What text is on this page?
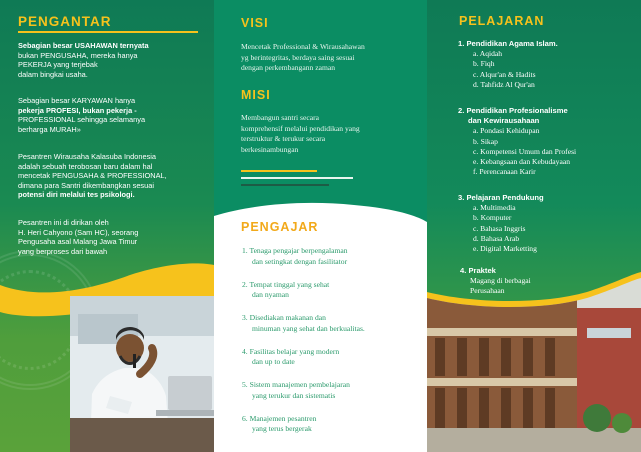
PENGANTAR
Sebagian besar USAHAWAN ternyata
bukan PENGUSAHA, mereka hanya
PEKERJA yang terjebak
dalam bingkai usaha.
Sebagian besar KARYAWAN hanya
pekerja PROFESI, bukan pekerja -
PROFESSIONAL sehingga selamanya
berharga MURAH»
Pesantren Wirausaha Kalasuba Indonesia
adalah sebuah terobosan baru dalam hal
mencetak PENGUSAHA & PROFESSIONAL,
dimana para Santri dikembangkan sesuai
potensi diri melalui tes psikologi.
Pesantren ini di dirikan oleh
H. Heri Cahyono (Sam HC), seorang
Pengusaha asal Malang Jawa Timur
yang berproses dari bawah
VISI
Mencetak Professional & Wirausahawan
yg berintegritas, berdaya saing sesuai
dengan perkembangann zaman
MISI
Membangun santri secara
komprehensif melalui pendidikan yang
terstruktur & terukur secara
berkesinambungan
PENGAJAR
1. Tenaga pengajar berpengalaman
dan setingkat dengan fasilitator
2. Tempat tinggal yang sehat
dan nyaman
3. Disediakan makanan dan
minuman yang sehat dan berkualitas.
4. Fasilitas belajar yang modern
dan up to date
5. Sistem manajemen pembelajaran
yang terukur dan sistematis
6. Manajemen pesantren
yang terus bergerak
PELAJARAN
1. Pendidikan Agama Islam.
a. Aqidah
b. Fiqh
c. Alqur'an & Hadits
d. Tahfidz Al Qur'an
2. Pendidikan Profesionalisme
dan Kewirausahaan
a. Pondasi Kehidupan
b. Sikap
c. Kompetensi Umum dan Profesi
e. Kebangsaan dan Kebudayaan
f. Perencanaan Karir
3. Pelajaran Pendukung
a. Multimedia
b. Komputer
c. Bahasa Inggris
d. Bahasa Arab
e. Digital Marketting
4. Praktek
Magang di berbagai
Perusahaan
